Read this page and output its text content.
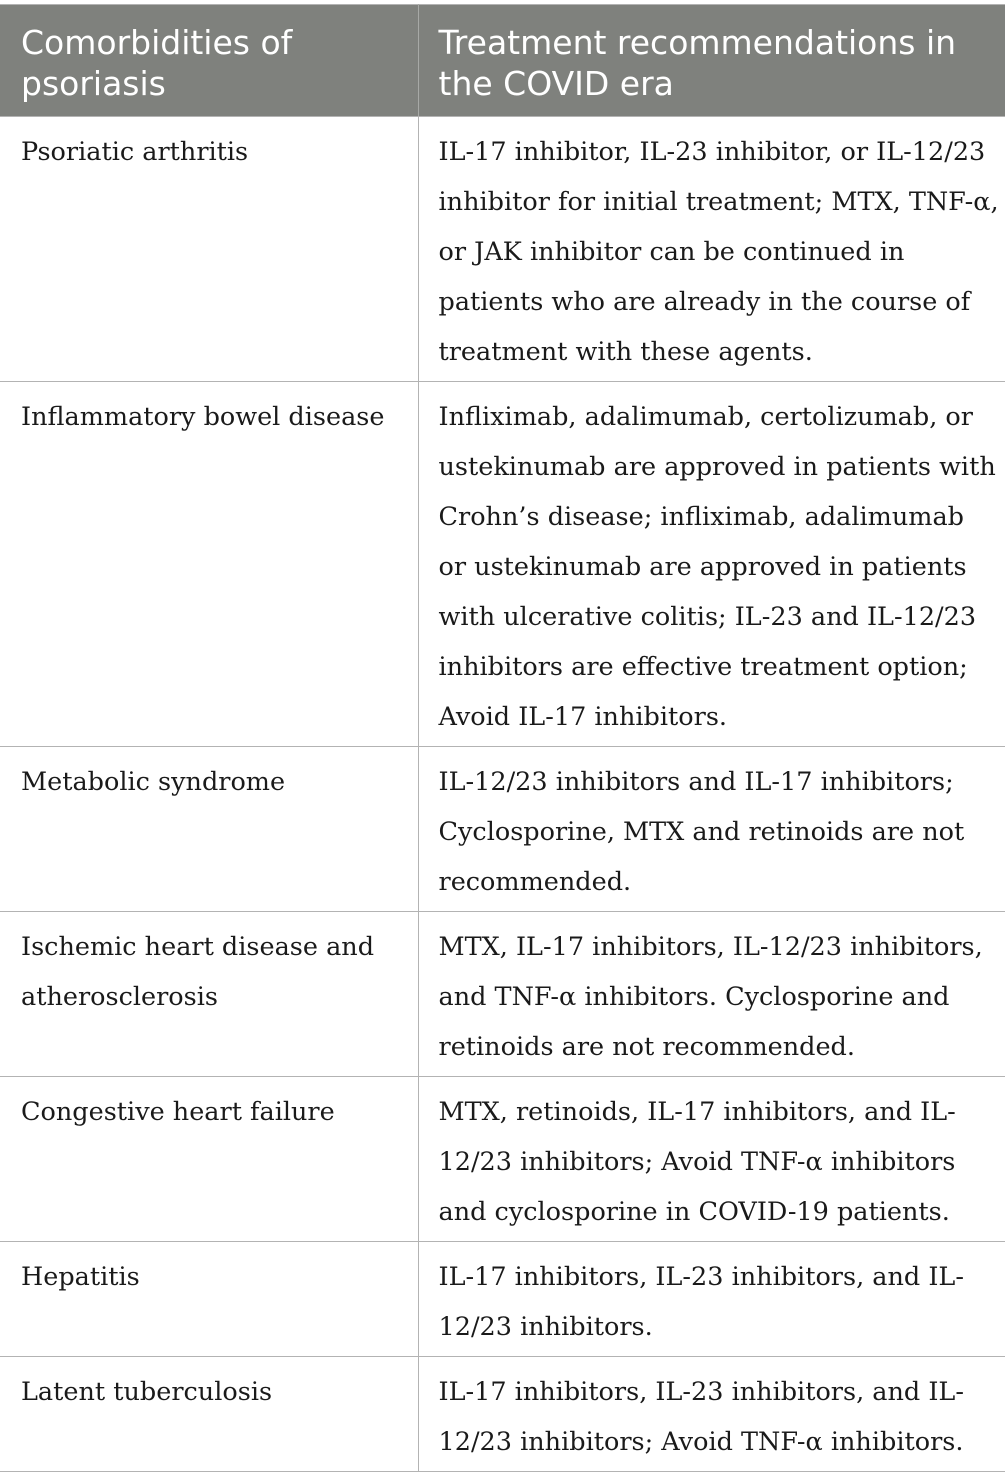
Comorbidities of psoriasis	Treatment recommendations in the COVID era
Psoriatic arthritis	IL-17 inhibitor, IL-23 inhibitor, or IL-12/23 inhibitor for initial treatment; MTX, TNF-α, or JAK inhibitor can be continued in patients who are already in the course of treatment with these agents.
Inflammatory bowel disease	Infliximab, adalimumab, certolizumab, or ustekinumab are approved in patients with Crohn’s disease; infliximab, adalimumab or ustekinumab are approved in patients with ulcerative colitis; IL-23 and IL-12/23 inhibitors are effective treatment option; Avoid IL-17 inhibitors.
Metabolic syndrome	IL-12/23 inhibitors and IL-17 inhibitors; Cyclosporine, MTX and retinoids are not recommended.
Ischemic heart disease and atherosclerosis	MTX, IL-17 inhibitors, IL-12/23 inhibitors, and TNF-α inhibitors. Cyclosporine and retinoids are not recommended.
Congestive heart failure	MTX, retinoids, IL-17 inhibitors, and IL-12/23 inhibitors; Avoid TNF-α inhibitors and cyclosporine in COVID-19 patients.
Hepatitis	IL-17 inhibitors, IL-23 inhibitors, and IL-12/23 inhibitors.
Latent tuberculosis	IL-17 inhibitors, IL-23 inhibitors, and IL-12/23 inhibitors; Avoid TNF-α inhibitors.
